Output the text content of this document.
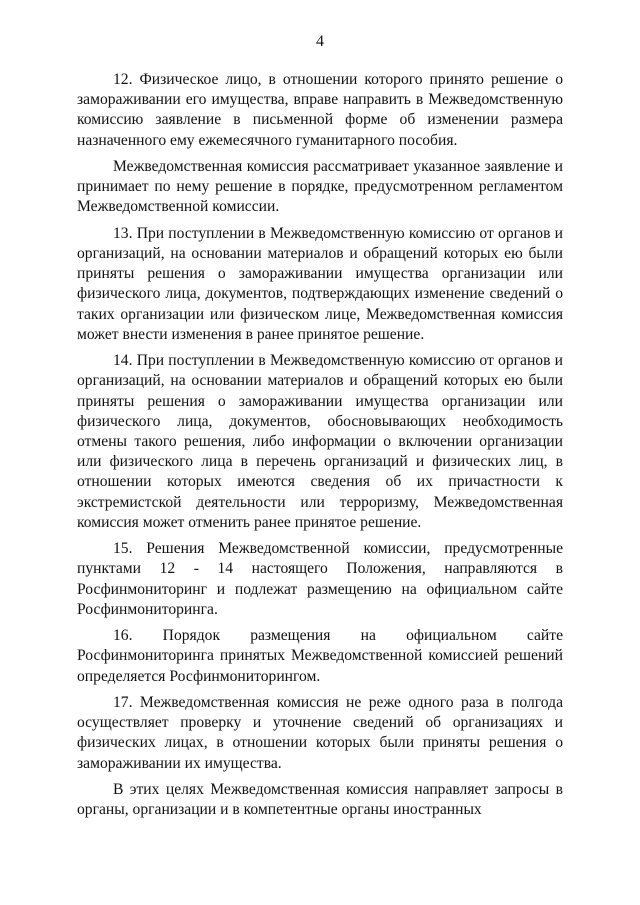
4

12. Физическое лицо, в отношении которого принято решение о замораживании его имущества, вправе направить в Межведомственную комиссию заявление в письменной форме об изменении размера назначенного ему ежемесячного гуманитарного пособия.

Межведомственная комиссия рассматривает указанное заявление и принимает по нему решение в порядке, предусмотренном регламентом Межведомственной комиссии.

13. При поступлении в Межведомственную комиссию от органов и организаций, на основании материалов и обращений которых ею были приняты решения о замораживании имущества организации или физического лица, документов, подтверждающих изменение сведений о таких организации или физическом лице, Межведомственная комиссия может внести изменения в ранее принятое решение.

14. При поступлении в Межведомственную комиссию от органов и организаций, на основании материалов и обращений которых ею были приняты решения о замораживании имущества организации или физического лица, документов, обосновывающих необходимость отмены такого решения, либо информации о включении организации или физического лица в перечень организаций и физических лиц, в отношении которых имеются сведения об их причастности к экстремистской деятельности или терроризму, Межведомственная комиссия может отменить ранее принятое решение.

15. Решения Межведомственной комиссии, предусмотренные пунктами 12 - 14 настоящего Положения, направляются в Росфинмониторинг и подлежат размещению на официальном сайте Росфинмониторинга.

16. Порядок размещения на официальном сайте Росфинмониторинга принятых Межведомственной комиссией решений определяется Росфинмониторингом.

17. Межведомственная комиссия не реже одного раза в полгода осуществляет проверку и уточнение сведений об организациях и физических лицах, в отношении которых были приняты решения о замораживании их имущества.

В этих целях Межведомственная комиссия направляет запросы в органы, организации и в компетентные органы иностранных
